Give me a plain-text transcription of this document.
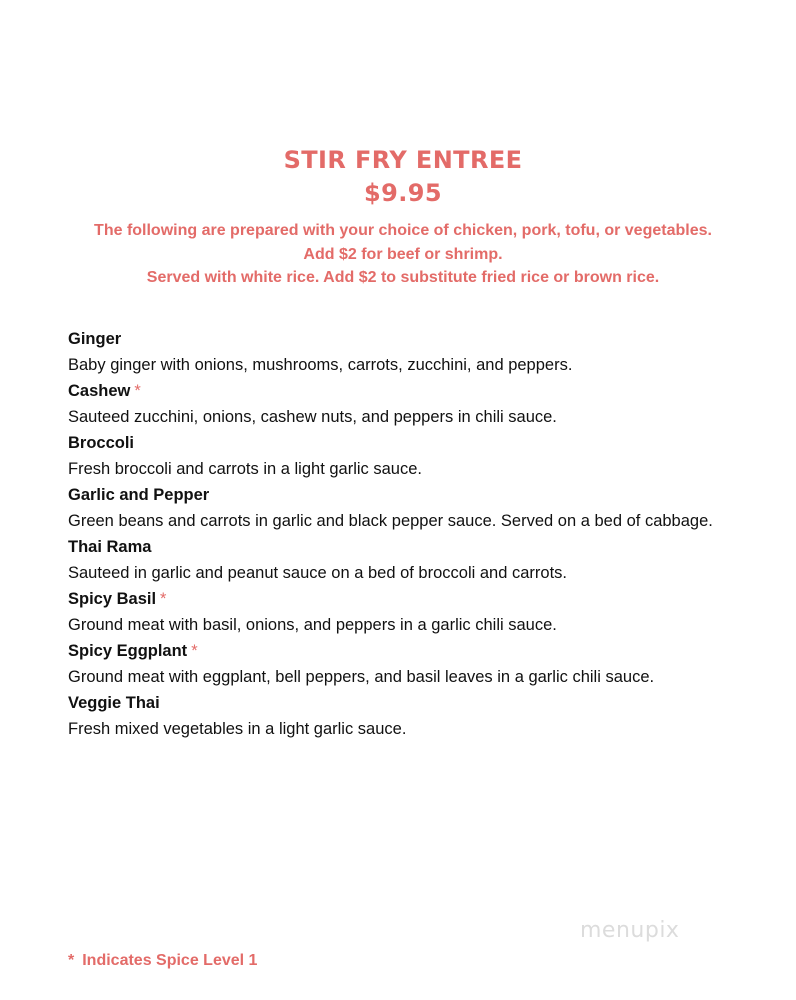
STIR FRY ENTREE
$9.95
The following are prepared with your choice of chicken, pork, tofu, or vegetables.
Add $2 for beef or shrimp.
Served with white rice. Add $2 to substitute fried rice or brown rice.
Ginger
Baby ginger with onions, mushrooms, carrots, zucchini, and peppers.
Cashew *
Sauteed zucchini, onions, cashew nuts, and peppers in chili sauce.
Broccoli
Fresh broccoli and carrots in a light garlic sauce.
Garlic and Pepper
Green beans and carrots in garlic and black pepper sauce. Served on a bed of cabbage.
Thai Rama
Sauteed in garlic and peanut sauce on a bed of broccoli and carrots.
Spicy Basil *
Ground meat with basil, onions, and peppers in a garlic chili sauce.
Spicy Eggplant *
Ground meat with eggplant, bell peppers, and basil leaves in a garlic chili sauce.
Veggie Thai
Fresh mixed vegetables in a light garlic sauce.
menupix
* Indicates Spice Level 1
